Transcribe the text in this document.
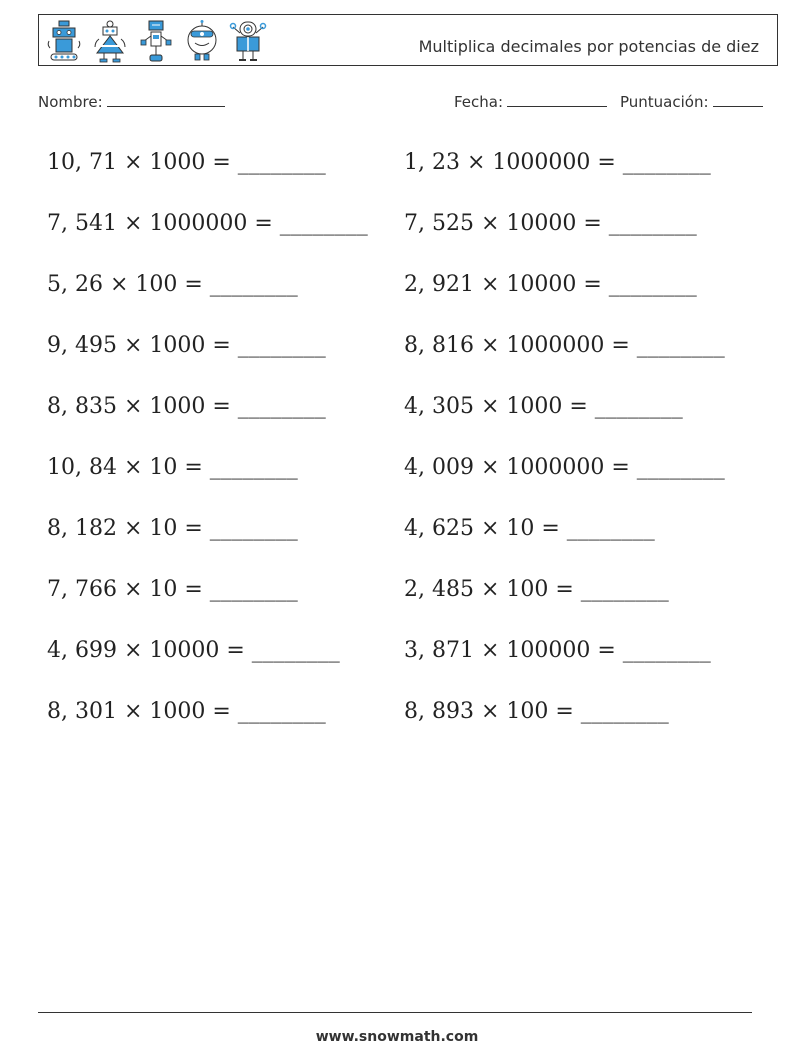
Multiplica decimales por potencias de diez
Nombre:	Fecha:	Puntuación:
10, 71 × 1000 = ________	1, 23 × 1000000 = ________
7, 541 × 1000000 = ________ 7, 525 × 10000 = ________
5, 26 × 100 = ________	2, 921 × 10000 = ________
9, 495 × 1000 = ________	8, 816 × 1000000 = ________
8, 835 × 1000 = ________	4, 305 × 1000 = ________
10, 84 × 10 = ________	4, 009 × 1000000 = ________
8, 182 × 10 = ________	4, 625 × 10 = ________
7, 766 × 10 = ________	2, 485 × 100 = ________
4, 699 × 10000 = ________	3, 871 × 100000 = ________
8, 301 × 1000 = ________	8, 893 × 100 = ________
www.snowmath.com
